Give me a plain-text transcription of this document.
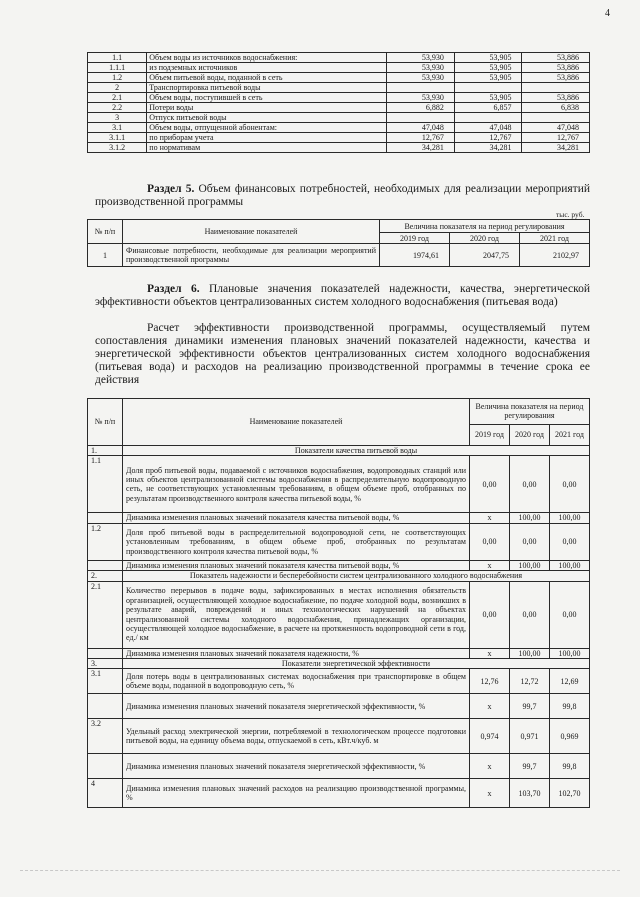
4
1.1	Объем воды из источников водоснабжения:	53,930	53,905	53,886
1.1.1	из подземных источников	53,930	53,905	53,886
1.2	Объем питьевой воды, поданной в сеть	53,930	53,905	53,886
2	Транспортировка питьевой воды			
2.1	Объем воды, поступившей в сеть	53,930	53,905	53,886
2.2	Потери воды	6,882	6,857	6,838
3	Отпуск питьевой воды			
3.1	Объем воды, отпущенной абонентам:	47,048	47,048	47,048
3.1.1	по приборам учета	12,767	12,767	12,767
3.1.2	по нормативам	34,281	34,281	34,281

Раздел 5. Объем финансовых потребностей, необходимых для реализации мероприятий производственной программы

тыс. руб.
№ п/п	Наименование показателей	Величина показателя на период регулирования		
		2019 год	2020 год	2021 год
1	Финансовые потребности, необходимые для реализации мероприятий производственной программы	1974,61	2047,75	2102,97

Раздел 6. Плановые значения показателей надежности, качества, энергетической эффективности объектов централизованных систем холодного водоснабжения (питьевая вода)

Расчет эффективности производственной программы, осуществляемый путем сопоставления динамики изменения плановых значений показателей надежности, качества и энергетической эффективности объектов централизованных систем холодного водоснабжения (питьевая вода) и расходов на реализацию производственной программы в течение срока ее действия

№ п/п	Наименование показателей	Величина показателя на период регулирования		
		2019 год	2020 год	2021 год
1.	Показатели качества питьевой воды			
1.1	Доля проб питьевой воды, подаваемой с источников водоснабжения, водопроводных станций или иных объектов централизованной системы водоснабжения в распределительную водопроводную сеть, не соответствующих установленным требованиям, в общем объеме проб, отобранных по результатам производственного контроля качества питьевой воды, %	0,00	0,00	0,00
	Динамика изменения плановых значений показателя качества питьевой воды, %	x	100,00	100,00
1.2	Доля проб питьевой воды в распределительной водопроводной сети, не соответствующих установленным требованиям, в общем объеме проб, отобранных по результатам производственного контроля качества питьевой воды, %	0,00	0,00	0,00
	Динамика изменения плановых значений показателя качества питьевой воды, %	x	100,00	100,00
2.	Показатель надежности и бесперебойности систем централизованного холодного водоснабжения			
2.1	Количество перерывов в подаче воды, зафиксированных в местах исполнения обязательств организацией, осуществляющей холодное водоснабжение, по подаче холодной воды, возникших в результате аварий, повреждений и иных технологических нарушений на объектах централизованной системы холодного водоснабжения, принадлежащих организации, осуществляющей холодное водоснабжение, в расчете на протяженность водопроводной сети в год, ед./ км	0,00	0,00	0,00
	Динамика изменения плановых значений показателя надежности, %	x	100,00	100,00
3.	Показатели энергетической эффективности			
3.1	Доля потерь воды в централизованных системах водоснабжения при транспортировке в общем объеме воды, поданной в водопроводную сеть, %	12,76	12,72	12,69
	Динамика изменения плановых значений показателя энергетической эффективности, %	x	99,7	99,8
3.2	Удельный расход электрической энергии, потребляемой в технологическом процессе подготовки питьевой воды, на единицу объема воды, отпускаемой в сеть, кВт.ч/куб. м	0,974	0,971	0,969
	Динамика изменения плановых значений показателя энергетической эффективности, %	x	99,7	99,8
4	Динамика изменения плановых значений расходов на реализацию производственной программы, %	x	103,70	102,70
